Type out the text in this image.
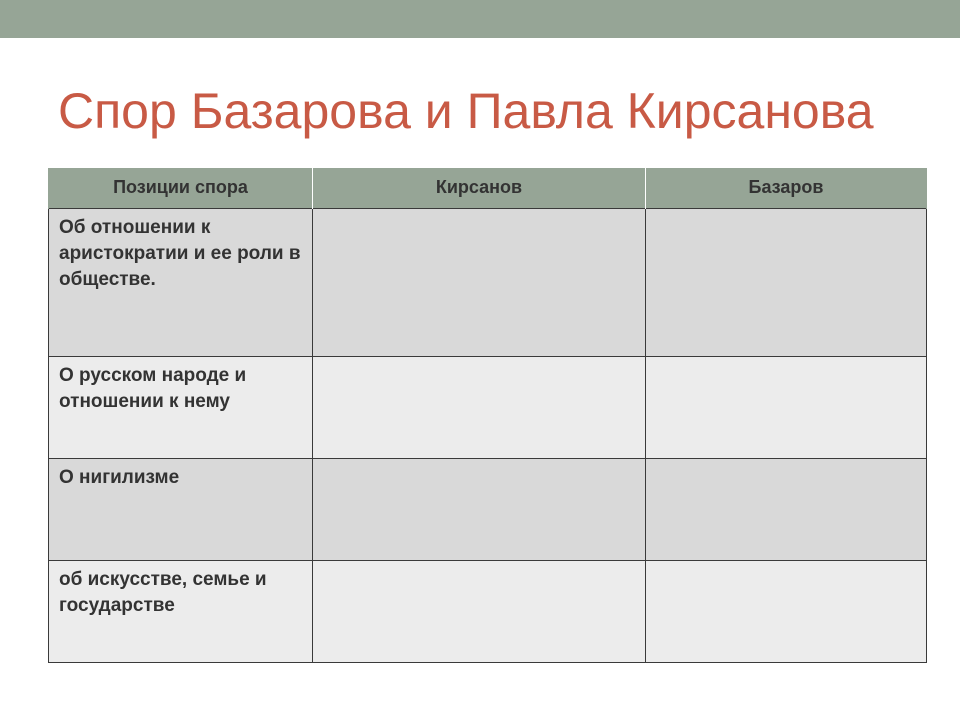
Спор Базарова и Павла Кирсанова
Позиции спора	Кирсанов	Базаров
Об отношении к аристократии и ее роли в обществе.		
О русском народе и отношении к нему		
О нигилизме		
об искусстве, семье и государстве		
